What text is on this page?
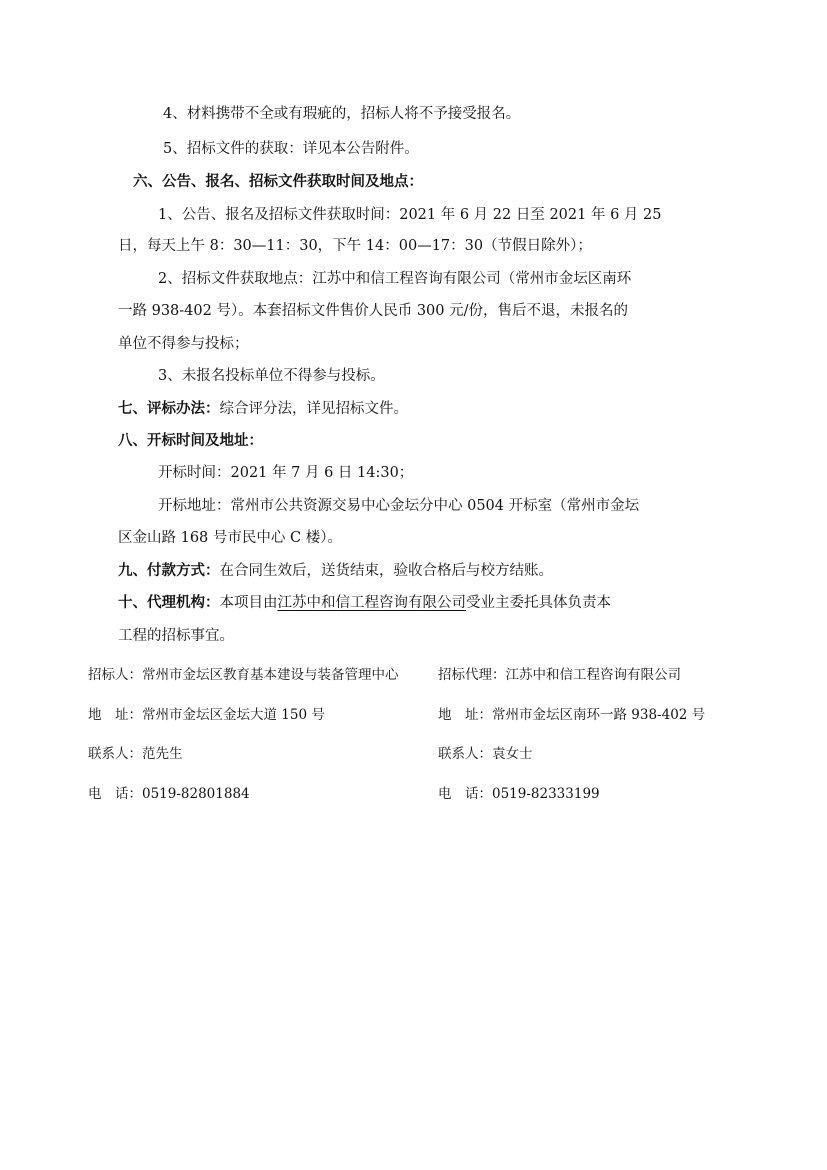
4、材料携带不全或有瑕疵的，招标人将不予接受报名。
5、招标文件的获取：详见本公告附件。
六、公告、报名、招标文件获取时间及地点：
1、公告、报名及招标文件获取时间：2021 年 6 月 22 日至 2021 年 6 月 25
日，每天上午 8：30—11：30，下午 14：00—17：30（节假日除外）；
2、招标文件获取地点：江苏中和信工程咨询有限公司（常州市金坛区南环
一路 938-402 号）。本套招标文件售价人民币 300 元/份，售后不退，未报名的
单位不得参与投标；
3、未报名投标单位不得参与投标。
七、评标办法：综合评分法，详见招标文件。
八、开标时间及地址：
开标时间：2021 年 7 月 6 日 14:30；
开标地址：常州市公共资源交易中心金坛分中心 0504 开标室（常州市金坛
区金山路 168 号市民中心 C 楼）。
九、付款方式：在合同生效后，送货结束，验收合格后与校方结账。
十、代理机构：本项目由江苏中和信工程咨询有限公司受业主委托具体负责本
工程的招标事宜。
招标人：常州市金坛区教育基本建设与装备管理中心	招标代理：江苏中和信工程咨询有限公司
地　址：常州市金坛区金坛大道 150 号	地　址：常州市金坛区南环一路 938-402 号
联系人：范先生	联系人：袁女士
电　话：0519-82801884	电　话：0519-82333199
